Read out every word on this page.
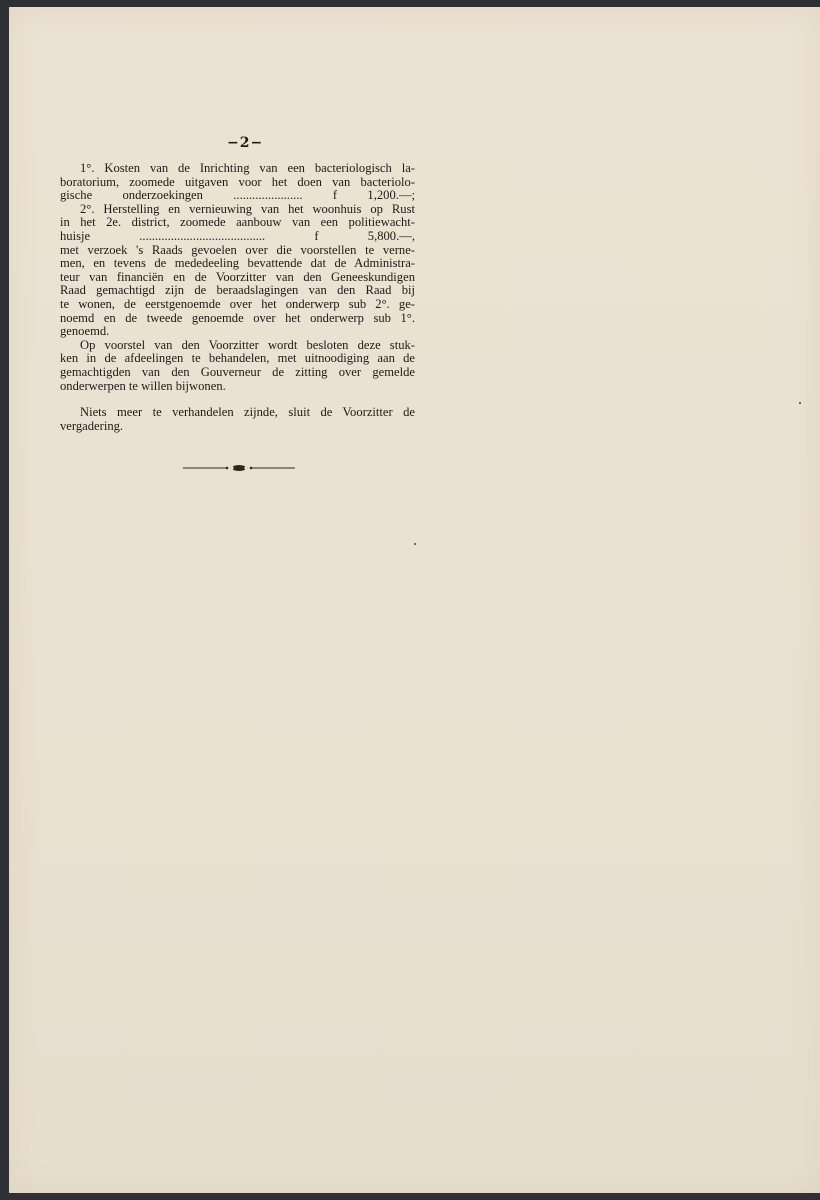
−2−
1°. Kosten van de Inrichting van een bacteriologisch la-
boratorium, zoomede uitgaven voor het doen van bacteriolo-
gische onderzoekingen ...................... f 1,200.—;
2°. Herstelling en vernieuwing van het woonhuis op Rust
in het 2e. district, zoomede aanbouw van een politiewacht-
huisje ........................................ f 5,800.—,
met verzoek 's Raads gevoelen over die voorstellen te verne-
men, en tevens de mededeeling bevattende dat de Administra-
teur van financiën en de Voorzitter van den Geneeskundigen
Raad gemachtigd zijn de beraadslagingen van den Raad bij
te wonen, de eerstgenoemde over het onderwerp sub 2°. ge-
noemd en de tweede genoemde over het onderwerp sub 1°.
genoemd.
Op voorstel van den Voorzitter wordt besloten deze stuk-
ken in de afdeelingen te behandelen, met uitnoodiging aan de
gemachtigden van den Gouverneur de zitting over gemelde
onderwerpen te willen bijwonen.
Niets meer te verhandelen zijnde, sluit de Voorzitter de
vergadering.
